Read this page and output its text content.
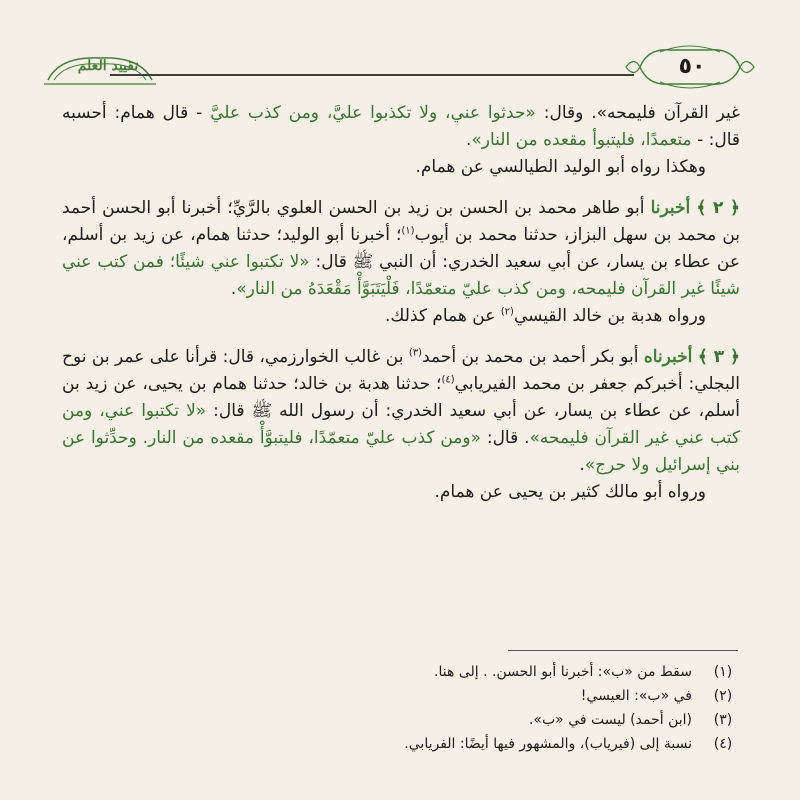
تقييد العلم	٥٠

غير القرآن فليمحه». وقال: «حدثوا عني، ولا تكذبوا عليَّ، ومن كذب عليَّ - قال همام: أحسبه قال: - متعمدًا، فليتبوأ مقعده من النار».

وهكذا رواه أبو الوليد الطيالسي عن همام.

﴿ ٢ ﴾ أخبرنا أبو طاهر محمد بن الحسن بن زيد بن الحسن العلوي بالرَّيِّ؛ أخبرنا أبو الحسن أحمد بن محمد بن سهل البزاز، حدثنا محمد بن أيوب$^{(١)}$؛ أخبرنا أبو الوليد؛ حدثنا همام، عن زيد بن أسلم، عن عطاء بن يسار، عن أبي سعيد الخدري: أن النبي ﷺ قال: «لا تكتبوا عني شيئًا؛ فمن كتب عني شيئًا غير القرآن فليمحه، ومن كذب عليّ متعمّدًا، فَلْيَتَبَوَّأْ مَقْعَدَهُ من النار».

ورواه هدبة بن خالد القيسي$^{(٢)}$ عن همام كذلك.

﴿ ٣ ﴾ أخبرناه أبو بكر أحمد بن محمد بن أحمد$^{(٣)}$ بن غالب الخوارزمي، قال: قرأنا على عمر بن نوح البجلي: أخبركم جعفر بن محمد الفيريابي$^{(٤)}$؛ حدثنا هدبة بن خالد؛ حدثنا همام بن يحيى، عن زيد بن أسلم، عن عطاء بن يسار، عن أبي سعيد الخدري: أن رسول الله ﷺ قال: «لا تكتبوا عني، ومن كتب عني غير القرآن فليمحه». قال: «ومن كذب عليّ متعمّدًا، فليتبوَّأْ مقعده من النار. وحدِّثوا عن بني إسرائيل ولا حرج».

ورواه أبو مالك كثير بن يحيى عن همام.

(١)
سقط من «ب»: أخبرنا أبو الحسن. . إلى هنا.
(٢)
في «ب»: العيسي!
(٣)
(ابن أحمد) ليست في «ب».
(٤)
نسبة إلى (فيرياب)، والمشهور فيها أيضًا: الفريابي.
